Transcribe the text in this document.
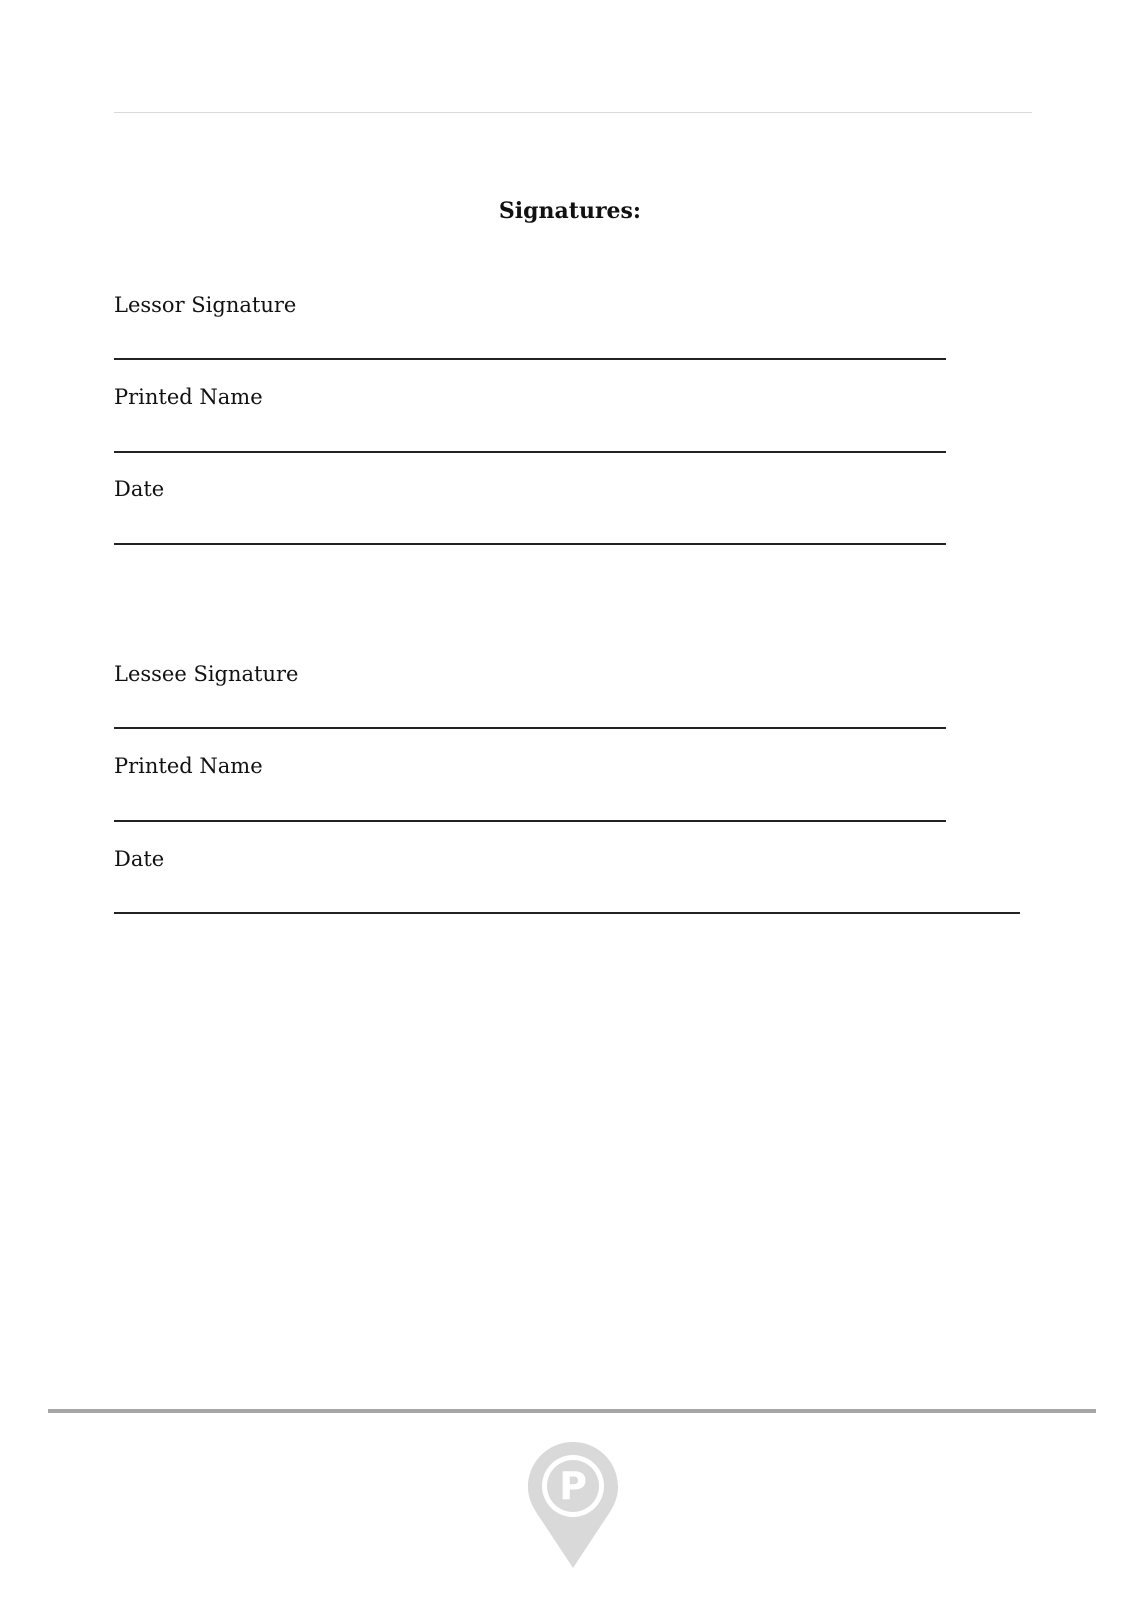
Signatures:
Lessor Signature
Printed Name
Date
Lessee Signature
Printed Name
Date
P
